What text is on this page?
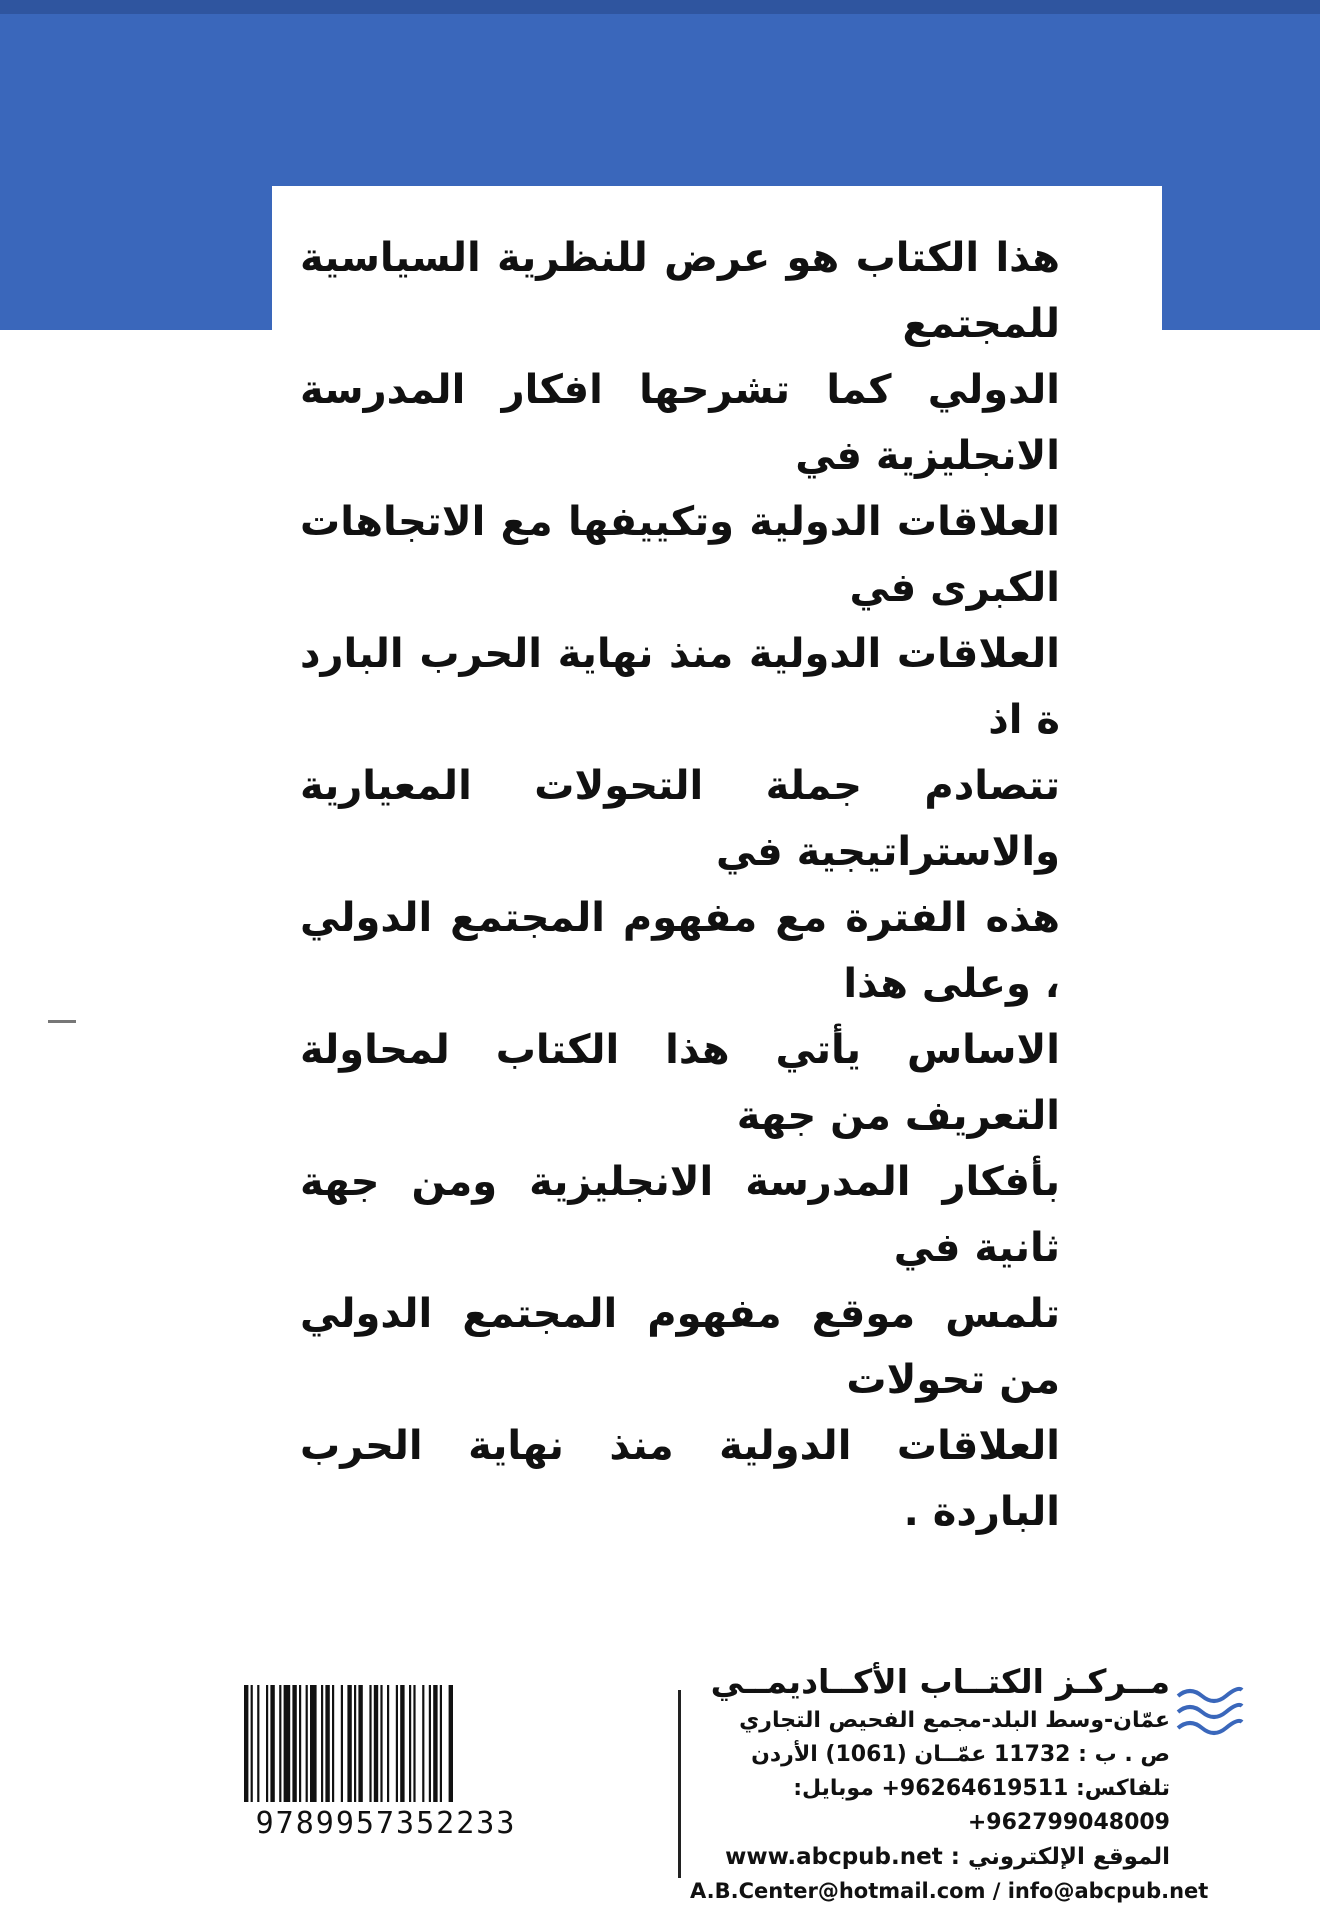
هذا الكتاب هو عرض للنظرية السياسية للمجتمع

الدولي كما تشرحها افكار المدرسة الانجليزية في

العلاقات الدولية وتكييفها مع الاتجاهات الكبرى في

العلاقات الدولية منذ نهاية الحرب البارد ة اذ

تتصادم جملة التحولات المعيارية والاستراتيجية في

هذه الفترة مع مفهوم المجتمع الدولي ، وعلى هذا

الاساس يأتي هذا الكتاب لمحاولة التعريف من جهة

بأفكار المدرسة الانجليزية ومن جهة ثانية في

تلمس موقع مفهوم المجتمع الدولي من تحولات

العلاقات الدولية منذ نهاية الحرب الباردة .

9789957352233
مــركـز الكتــاب الأكــاديمــي
عمّان-وسط البلد-مجمع الفحيص التجاري
ص . ب : 11732 عمّــان (1061) الأردن
تلفاكس: 96264619511+ موبايل: 962799048009+
الموقع الإلكتروني : www.abcpub.net
A.B.Center@hotmail.com / info@abcpub.net
